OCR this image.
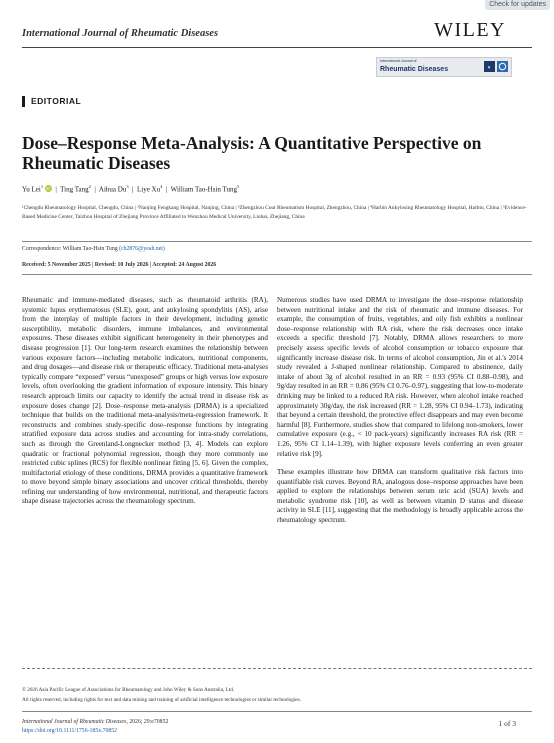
Check for updates
International Journal of Rheumatic Diseases	WILEY
International Journal of
Rheumatic Diseases	◐
EDITORIAL
Dose–Response Meta-Analysis: A Quantitative Perspective on Rheumatic Diseases
Yu Lei$^1$ iD  |  Ting Tang$^2$  |  Aihua Du$^3$  |  Liye Xu$^4$  |  William Tao-Hsin Tung$^5$
¹Chengdu Rheumatology Hospital, Chengdu, China | ²Nanjing Fengkang Hospital, Nanjing, China | ³Zhengzhou Cout Rheumatism Hospital, Zhengzhou, China | ⁴Harbin Ankylosing Rheumatology Hospital, Harbin, China | ⁵Evidence-Based Medicine Center, Taizhou Hospital of Zhejiang Province Affiliated to Wenzhou Medical University, Linhai, Zhejiang, China
Correspondence: William Tao-Hsin Tung (ch2876@yeah.net)
Received: 5 November 2025 | Revised: 10 July 2026 | Accepted: 24 August 2026

Rheumatic and immune-mediated diseases, such as rheumatoid arthritis (RA), systemic lupus erythematosus (SLE), gout, and ankylosing spondylitis (AS), arise from the interplay of multiple factors in their development, including genetic susceptibility, metabolic disorders, immune imbalances, and environmental exposures. These diseases exhibit significant heterogeneity in their phenotypes and disease progression [1]. Our long-term research examines the relationship between various exposure factors—including metabolic indicators, nutritional components, and drug dosages—and disease risk or therapeutic efficacy. Traditional meta-analyses typically compare “exposed” versus “unexposed” groups or high versus low exposure levels, often overlooking the gradient information of exposure intensity. This binary research approach limits our capacity to identify the actual trend in disease risk as exposure doses change [2]. Dose–response meta-analysis (DRMA) is a specialized technique that builds on the traditional meta-analysis/meta-regression framework. It reconstructs and combines study-specific dose–response functions by integrating stratified exposure data across studies and accounting for intra-study correlations, such as through the Greenland-Longnecker method [3, 4]. Models can explore quadratic or fractional polynomial regression, though they more commonly use restricted cubic splines (RCS) for flexible nonlinear fitting [5, 6]. Given the complex, multifactorial etiology of these conditions, DRMA provides a quantitative framework to move beyond simple binary associations and uncover critical thresholds, thereby refining our understanding of how environmental, nutritional, and therapeutic factors shape disease trajectories across the rheumatology spectrum.

Numerous studies have used DRMA to investigate the dose–response relationship between nutritional intake and the risk of rheumatic and immune diseases. For example, the consumption of fruits, vegetables, and oily fish exhibits a nonlinear dose–response relationship with RA risk, where the risk decreases once intake exceeds a specific threshold [7]. Notably, DRMA allows researchers to more precisely assess specific levels of alcohol consumption or tobacco exposure that significantly increase disease risk. In terms of alcohol consumption, Jin et al.'s 2014 study revealed a J-shaped nonlinear relationship. Compared to abstinence, daily intake of about 3g of alcohol resulted in an RR = 0.93 (95% CI 0.88–0.98), and 9g/day resulted in an RR = 0.86 (95% CI 0.76–0.97), suggesting that low-to-moderate drinking may be linked to a reduced RA risk. However, when alcohol intake reached approximately 30g/day, the risk increased (RR = 1.28, 95% CI 0.94–1.73), indicating that beyond a certain threshold, the protective effect disappears and may even become harmful [8]. Furthermore, studies show that compared to lifelong non-smokers, lower cumulative exposure (e.g., < 10 pack-years) significantly increases RA risk (RR = 1.26, 95% CI 1.14–1.39), with higher exposure levels conferring an even greater relative risk [9].

These examples illustrate how DRMA can transform qualitative risk factors into quantifiable risk curves. Beyond RA, analogous dose–response approaches have been applied to explore the relationships between serum uric acid (SUA) levels and metabolic syndrome risk [10], as well as between vitamin D status and disease activity in SLE [11], suggesting that the methodology is broadly applicable across the rheumatology spectrum.

© 2026 Asia Pacific League of Associations for Rheumatology and John Wiley & Sons Australia, Ltd.
All rights reserved, including rights for text and data mining and training of artificial intelligence technologies or similar technologies.
International Journal of Rheumatic Diseases, 2026; 29:e70852
https://doi.org/10.1111/1756-185x.70852
1 of 3
